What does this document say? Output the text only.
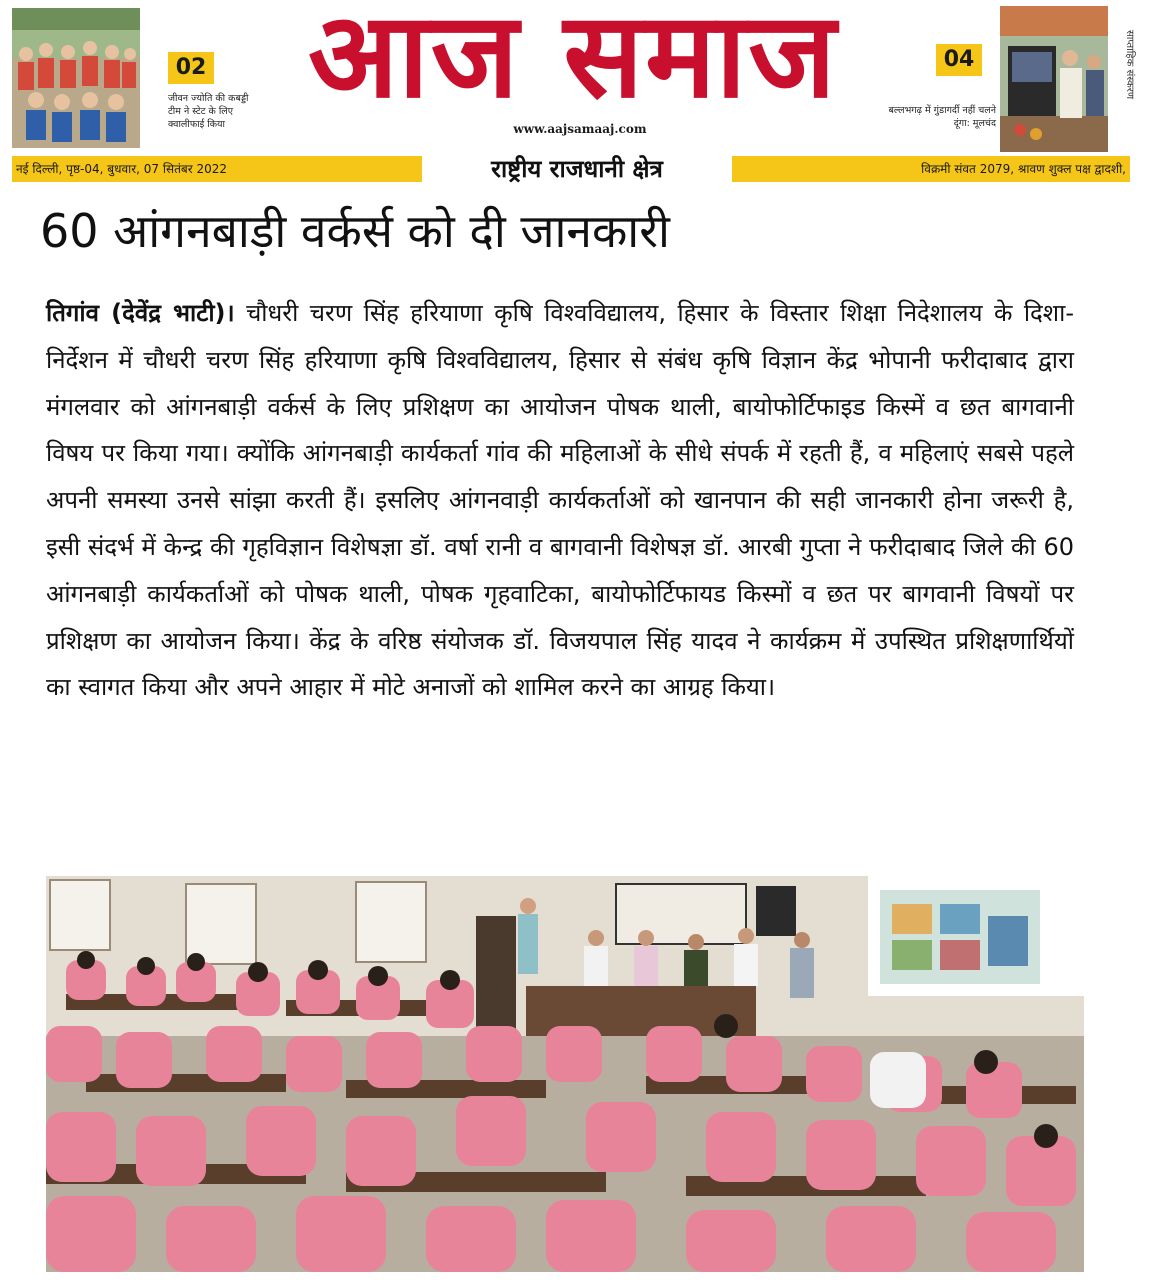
02
जीवन ज्योति की कबड्डी टीम ने स्टेट के लिए क्वालीफाई किया
आज समाज
www.aajsamaaj.com
04
बल्लभगढ़ में गुंडागर्दी नहीं चलने दूंगा: मूलचंद
साप्ताहिक संस्करण
नई दिल्ली, पृष्ठ-04, बुधवार, 07 सितंबर 2022	राष्ट्रीय राजधानी क्षेत्र	विक्रमी संवत 2079, श्रावण शुक्ल पक्ष द्वादशी,
60 आंगनबाड़ी वर्कर्स को दी जानकारी
तिगांव (देवेंद्र भाटी)। चौधरी चरण सिंह हरियाणा कृषि विश्वविद्यालय, हिसार के विस्तार शिक्षा निदेशालय के दिशा-निर्देशन में चौधरी चरण सिंह हरियाणा कृषि विश्वविद्यालय, हिसार से संबंध कृषि विज्ञान केंद्र भोपानी फरीदाबाद द्वारा मंगलवार को आंगनबाड़ी वर्कर्स के लिए प्रशिक्षण का आयोजन पोषक थाली, बायोफोर्टिफाइड किस्में व छत बागवानी विषय पर किया गया। क्योंकि आंगनबाड़ी कार्यकर्ता गांव की महिलाओं के सीधे संपर्क में रहती हैं, व महिलाएं सबसे पहले अपनी समस्या उनसे सांझा करती हैं। इसलिए आंगनवाड़ी कार्यकर्ताओं को खानपान की सही जानकारी होना जरूरी है, इसी संदर्भ में केन्द्र की गृहविज्ञान विशेषज्ञा डॉ. वर्षा रानी व बागवानी विशेषज्ञ डॉ. आरबी गुप्ता ने फरीदाबाद जिले की 60 आंगनबाड़ी कार्यकर्ताओं को पोषक थाली, पोषक गृहवाटिका, बायोफोर्टिफायड किस्मों व छत पर बागवानी विषयों पर प्रशिक्षण का आयोजन किया। केंद्र के वरिष्ठ संयोजक डॉ. विजयपाल सिंह यादव ने कार्यक्रम में उपस्थित प्रशिक्षणार्थियों का स्वागत किया और अपने आहार में मोटे अनाजों को शामिल करने का आग्रह किया।
